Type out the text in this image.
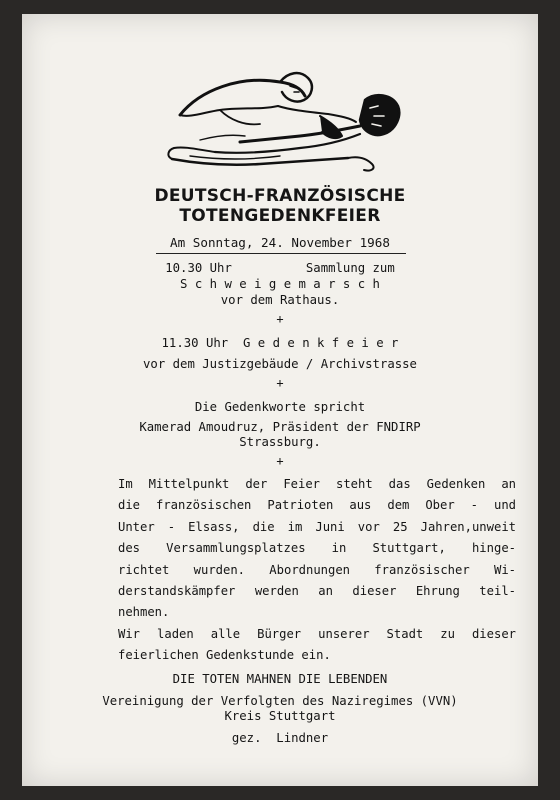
DEUTSCH-FRANZÖSISCHE
TOTENGEDENKFEIER
Am Sonntag, 24. November 1968
10.30 Uhr          Sammlung zum
S c h w e i g e m a r s c h
vor dem Rathaus.
+
11.30 Uhr  G e d e n k f e i e r
vor dem Justizgebäude / Archivstrasse
+
Die Gedenkworte spricht
Kamerad Amoudruz, Präsident der FNDIRP
Strassburg.
+
Im Mittelpunkt der Feier steht das Gedenken an
die französischen Patrioten aus dem Ober - und
Unter - Elsass, die im Juni vor 25 Jahren,unweit
des Versammlungsplatzes in Stuttgart, hinge-
richtet wurden. Abordnungen französischer Wi-
derstandskämpfer werden an dieser Ehrung teil-
nehmen.
Wir laden alle Bürger unserer Stadt zu dieser
feierlichen Gedenkstunde ein.
DIE TOTEN MAHNEN DIE LEBENDEN
Vereinigung der Verfolgten des Naziregimes (VVN)
Kreis Stuttgart
gez.  Lindner
